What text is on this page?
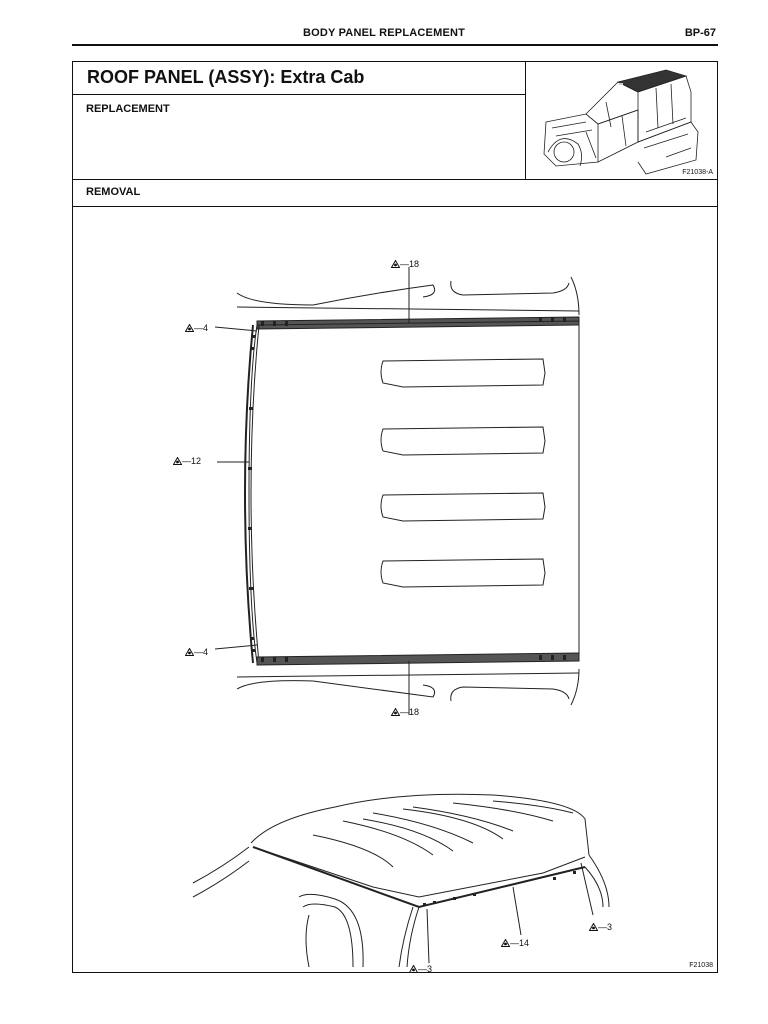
BODY PANEL REPLACEMENT	BP-67
ROOF PANEL (ASSY): Extra Cab
REPLACEMENT
F21038-A
REMOVAL
—18
—4
—12
—4
—18
—3
—14
—3
F21038
